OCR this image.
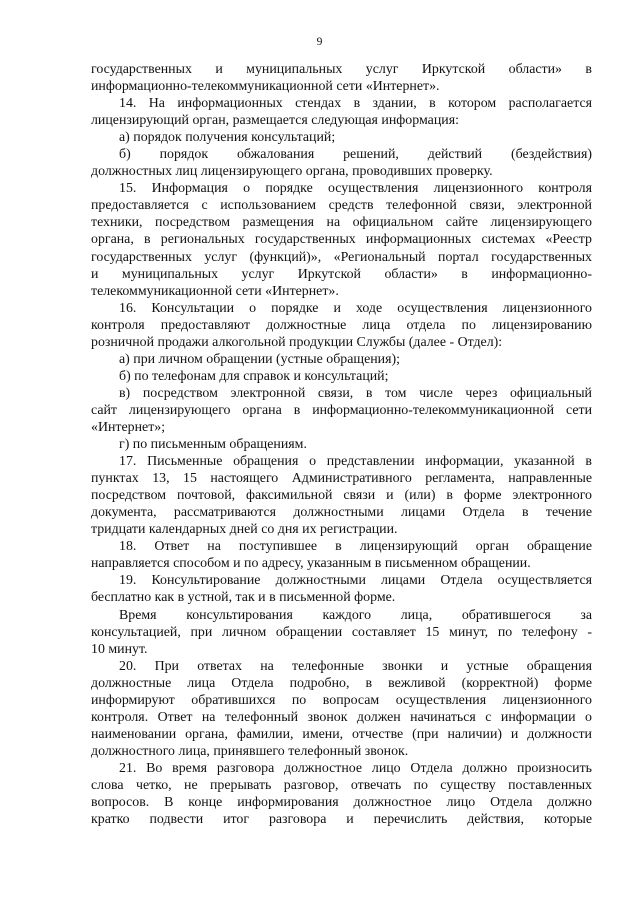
9
государственных и муниципальных услуг Иркутской области» в
информационно-телекоммуникационной сети «Интернет».
14. На информационных стендах в здании, в котором располагается
лицензирующий орган, размещается следующая информация:
а) порядок получения консультаций;
б) порядок обжалования решений, действий (бездействия)
должностных лиц лицензирующего органа, проводивших проверку.
15. Информация о порядке осуществления лицензионного контроля
предоставляется с использованием средств телефонной связи, электронной
техники, посредством размещения на официальном сайте лицензирующего
органа, в региональных государственных информационных системах «Реестр
государственных услуг (функций)», «Региональный портал государственных
и муниципальных услуг Иркутской области» в информационно-
телекоммуникационной сети «Интернет».
16. Консультации о порядке и ходе осуществления лицензионного
контроля предоставляют должностные лица отдела по лицензированию
розничной продажи алкогольной продукции Службы (далее - Отдел):
а) при личном обращении (устные обращения);
б) по телефонам для справок и консультаций;
в) посредством электронной связи, в том числе через официальный
сайт лицензирующего органа в информационно-телекоммуникационной сети
«Интернет»;
г) по письменным обращениям.
17. Письменные обращения о представлении информации, указанной в
пунктах 13, 15 настоящего Административного регламента, направленные
посредством почтовой, факсимильной связи и (или) в форме электронного
документа, рассматриваются должностными лицами Отдела в течение
тридцати календарных дней со дня их регистрации.
18. Ответ на поступившее в лицензирующий орган обращение
направляется способом и по адресу, указанным в письменном обращении.
19. Консультирование должностными лицами Отдела осуществляется
бесплатно как в устной, так и в письменной форме.
Время консультирования каждого лица, обратившегося за
консультацией, при личном обращении составляет 15 минут, по телефону -
10 минут.
20. При ответах на телефонные звонки и устные обращения
должностные лица Отдела подробно, в вежливой (корректной) форме
информируют обратившихся по вопросам осуществления лицензионного
контроля. Ответ на телефонный звонок должен начинаться с информации о
наименовании органа, фамилии, имени, отчестве (при наличии) и должности
должностного лица, принявшего телефонный звонок.
21. Во время разговора должностное лицо Отдела должно произносить
слова четко, не прерывать разговор, отвечать по существу поставленных
вопросов. В конце информирования должностное лицо Отдела должно
кратко подвести итог разговора и перечислить действия, которые
